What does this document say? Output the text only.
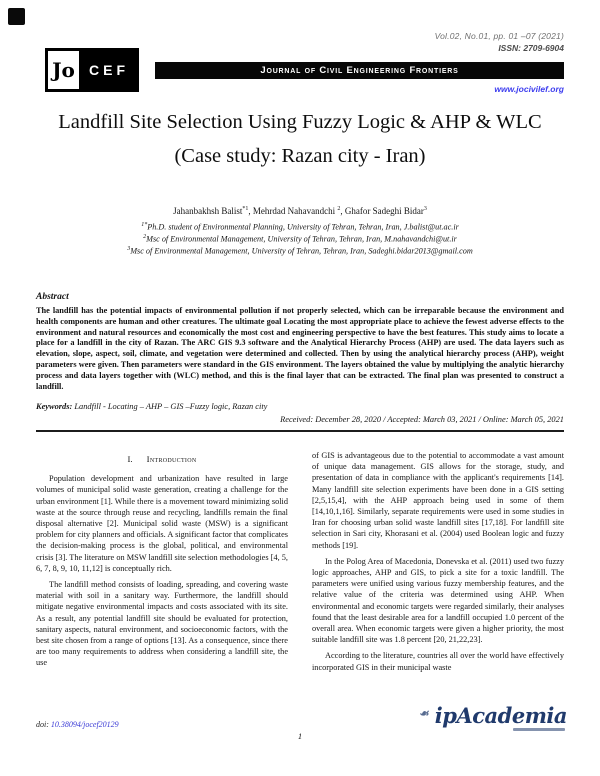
Vol.02, No.01, pp. 01 –07 (2021)
ISSN: 2709-6904
Jo	CEF	Journal of Civil Engineering Frontiers
www.jocivilef.org
Landfill Site Selection Using Fuzzy Logic & AHP & WLC
(Case study: Razan city - Iran)
Jahanbakhsh Balist$^{*1}$, Mehrdad Nahavandchi $^2$, Ghafor Sadeghi Bidar$^3$
$^{1*}$Ph.D. student of Environmental Planning, University of Tehran, Tehran, Iran, J.balist@ut.ac.ir
$^2$Msc of Environmental Management, University of Tehran, Tehran, Iran, M.nahavandchi@ut.ir
$^3$Msc of Environmental Management, University of Tehran, Tehran, Iran, Sadeghi.bidar2013@gmail.com
Abstract
The landfill has the potential impacts of environmental pollution if not properly selected, which can be irreparable because the environment and health components are human and other creatures. The ultimate goal Locating the most appropriate place to achieve the fewest adverse effects to the environment and natural resources and economically the most cost and engineering perspective to have the best features. This study aims to locate a place for a landfill in the city of Razan. The ARC GIS 9.3 software and the Analytical Hierarchy Process (AHP) are used. The data layers such as elevation, slope, aspect, soil, climate, and vegetation were determined and collected. Then by using the analytical hierarchy process (AHP), weight parameters were given. Then parameters were standard in the GIS environment. The layers obtained the value by multiplying the analytic hierarchy process and data layers together with (WLC) method, and this is the final layer that can be extracted. The final plan was presented to construct a landfill.
Keywords: Landfill - Locating – AHP – GIS –Fuzzy logic, Razan city
Received: December 28, 2020 / Accepted: March 03, 2021 / Online: March 05, 2021
I. Introduction

Population development and urbanization have resulted in large volumes of municipal solid waste generation, creating a challenge for the urban environment [1]. While there is a movement toward minimizing solid waste at the source through reuse and recycling, landfills remain the final disposal alternative [2]. Municipal solid waste (MSW) is a significant problem for city planners and officials. A significant factor that complicates the decision-making process is the global, political, and environmental crisis [3]. The literature on MSW landfill site selection methodologies [4, 5, 6, 7, 8, 9, 10, 11,12] is conceptually rich.

The landfill method consists of loading, spreading, and covering waste material with soil in a sanitary way. Furthermore, the landfill should mitigate negative environmental impacts and costs associated with its site. As a result, any potential landfill site should be evaluated for protection, sanitary aspects, natural environment, and socioeconomic factors, with the best site chosen from a range of options [13]. As a consequence, since there are too many requirements to address when considering a landfill site, the use

of GIS is advantageous due to the potential to accommodate a vast amount of unique data management. GIS allows for the storage, study, and presentation of data in compliance with the applicant's requirements [14]. Many landfill site selection experiments have been done in a GIS setting [2,5,15,4], with the AHP approach being used in some of them [14,10,1,16]. Similarly, separate requirements were used in some studies in Iran for choosing urban solid waste landfill sites [17,18]. For landfill site selection in Sari city, Khorasani et al. (2004) used Boolean logic and fuzzy methods [19].

In the Polog Area of Macedonia, Donevska et al. (2011) used two fuzzy logic approaches, AHP and GIS, to pick a site for a toxic landfill. The parameters were unified using various fuzzy membership features, and the relative value of the criteria was determined using AHP. When environmental and economic targets were regarded similarly, their analyses found that the least desirable area for a landfill occupied 1.0 percent of the overall area. When economic targets were given a higher priority, the most suitable landfill site was 1.8 percent [20, 21,22,23].

According to the literature, countries all over the world have effectively incorporated GIS in their municipal waste

doi: 10.38094/jocef20129
1
☙ ipAcademia
